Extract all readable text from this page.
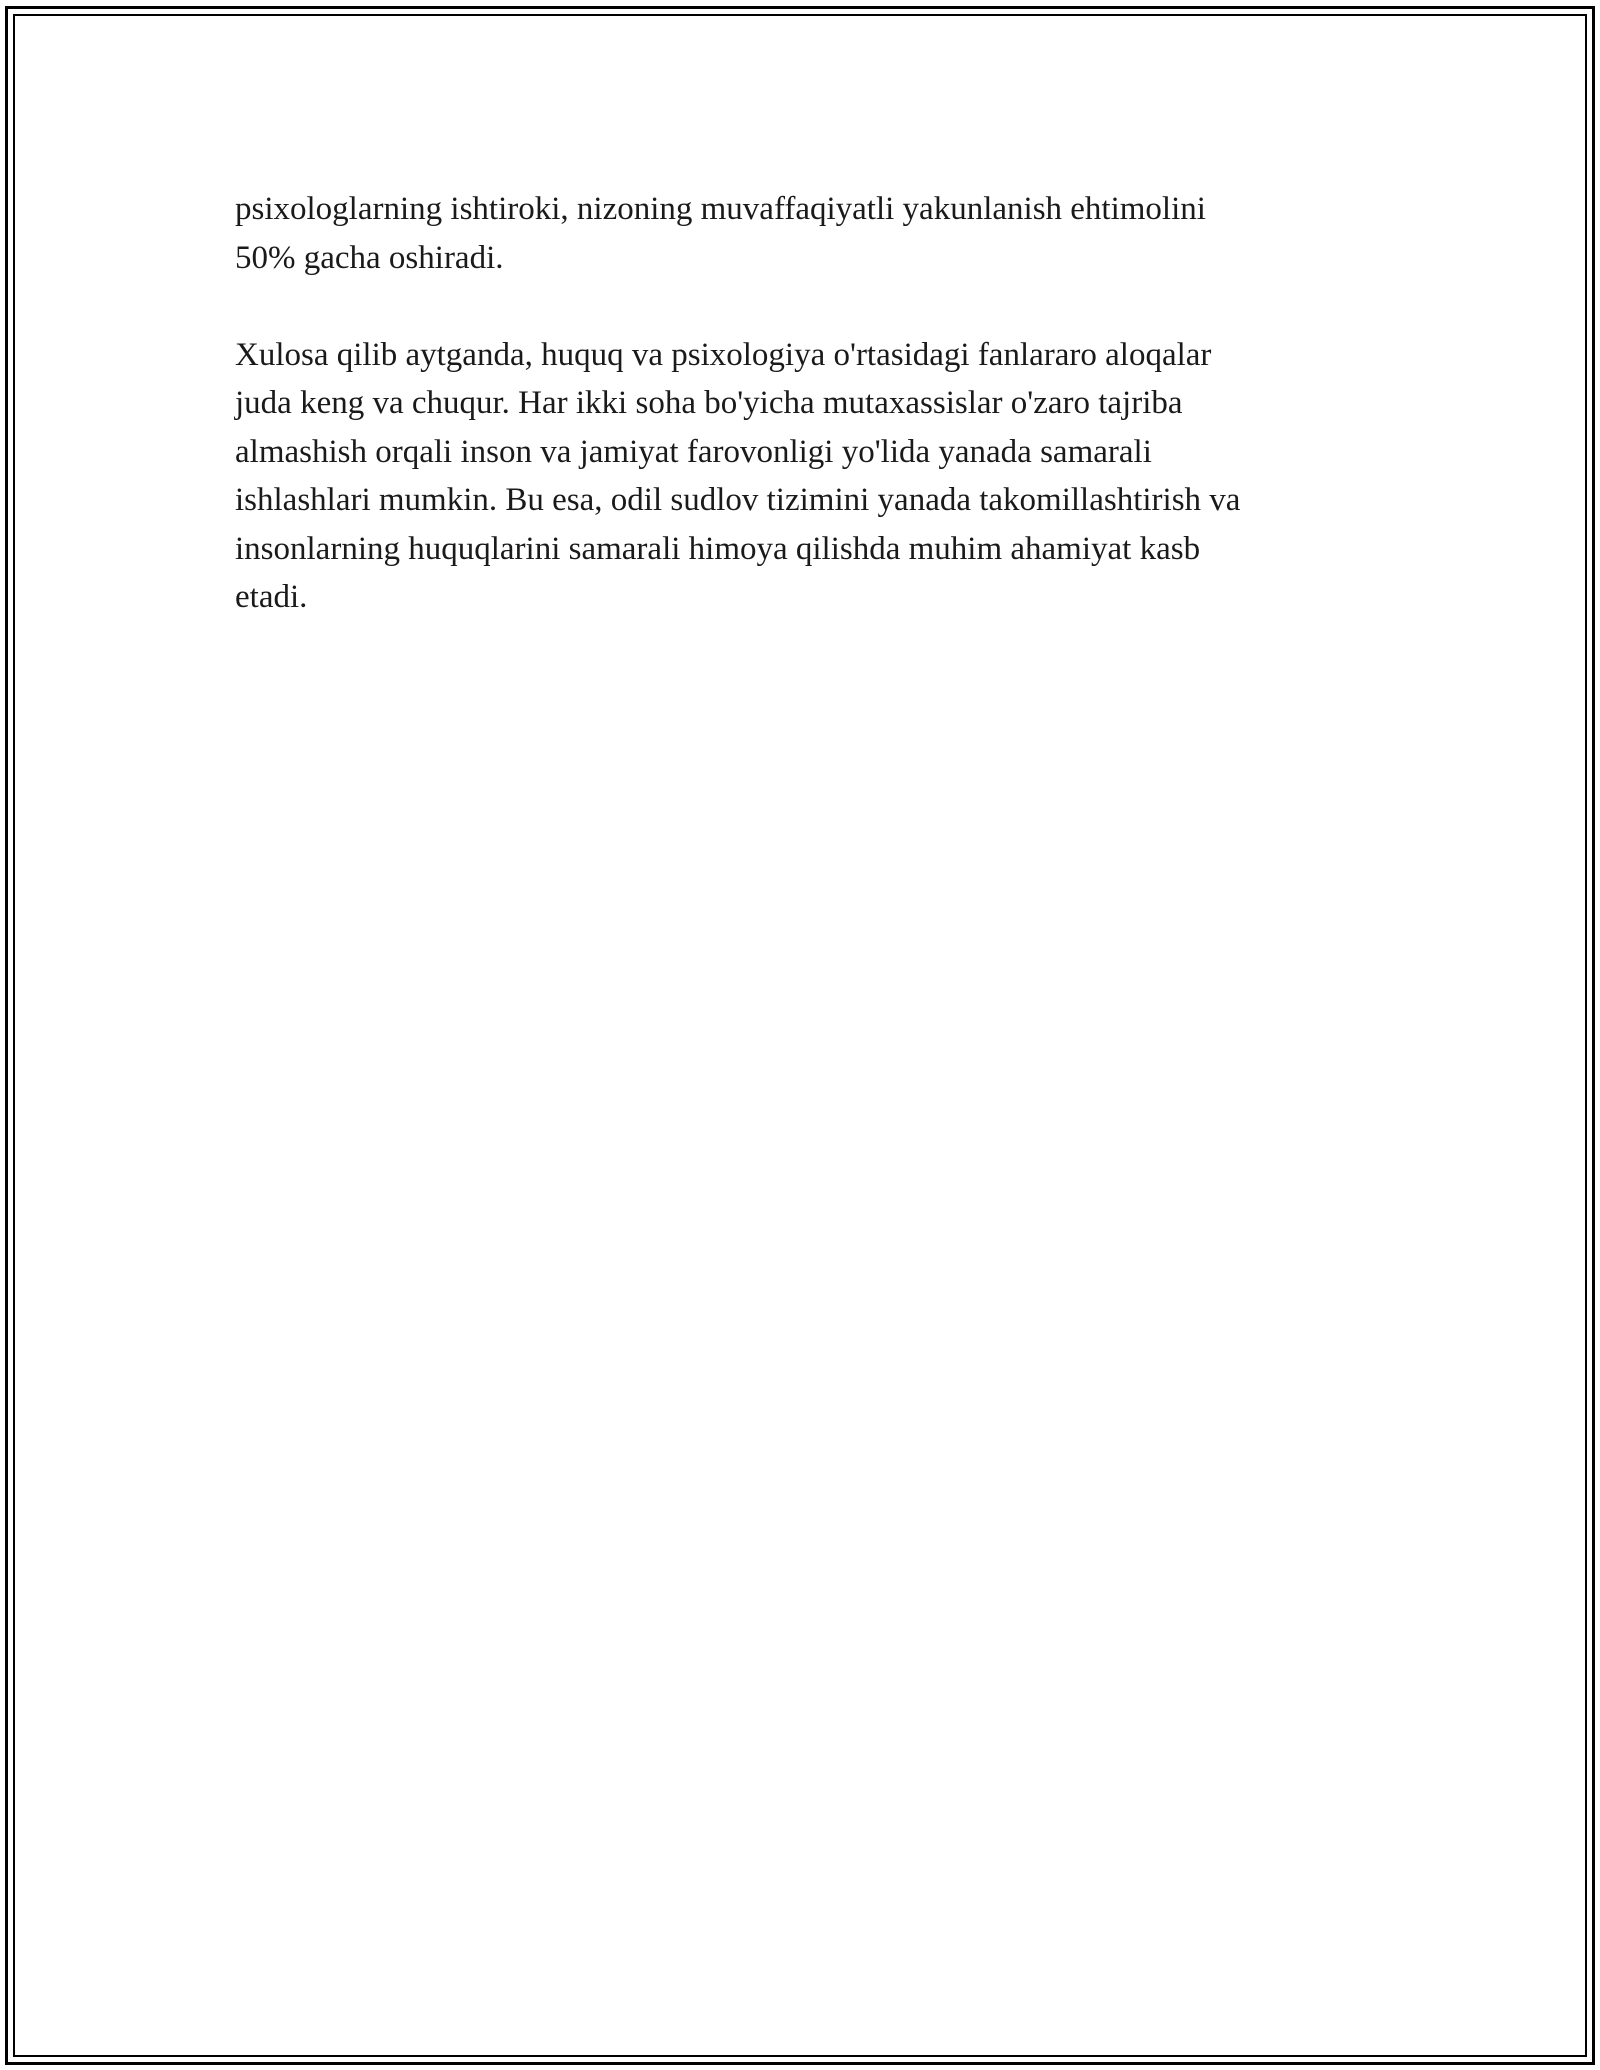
psixologlarning ishtiroki, nizoning muvaffaqiyatli yakunlanish ehtimolini
50% gacha oshiradi.

Xulosa qilib aytganda, huquq va psixologiya o'rtasidagi fanlararo aloqalar
juda keng va chuqur. Har ikki soha bo'yicha mutaxassislar o'zaro tajriba
almashish orqali inson va jamiyat farovonligi yo'lida yanada samarali
ishlashlari mumkin. Bu esa, odil sudlov tizimini yanada takomillashtirish va
insonlarning huquqlarini samarali himoya qilishda muhim ahamiyat kasb
etadi.
